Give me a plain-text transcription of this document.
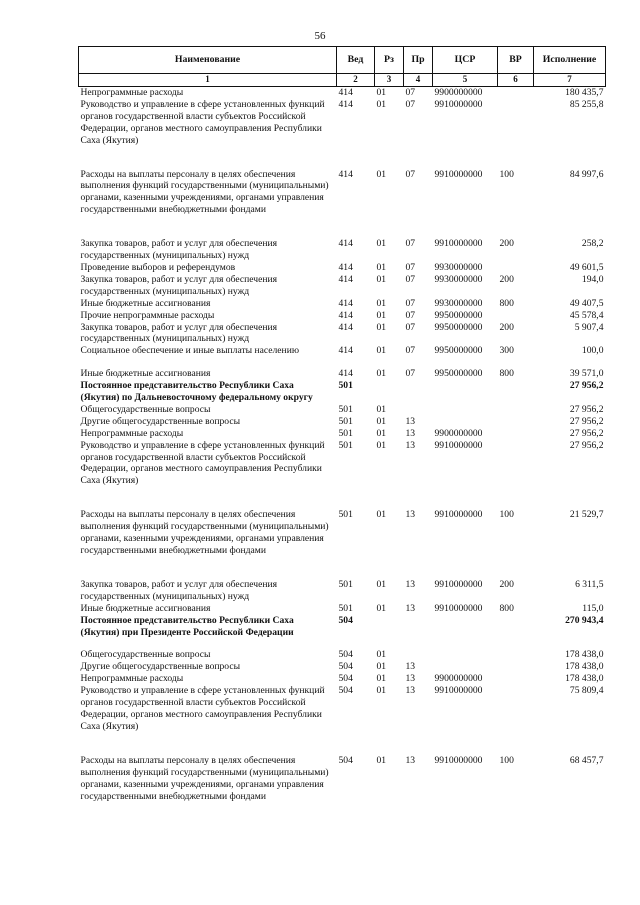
56
Наименование	Вед	Рз	Пр	ЦСР	ВР	Исполнение
1	2	3	4	5	6	7
Непрограммные расходы	414	01	07	9900000000		180 435,7
Руководство и управление в сфере установленных функций органов государственной власти субъектов Российской Федерации, органов местного самоуправления Республики Саха (Якутия)	414	01	07	9910000000		85 255,8

Расходы на выплаты персоналу в целях обеспечения выполнения функций государственными (муниципальными) органами, казенными учреждениями, органами управления государственными внебюджетными фондами	414	01	07	9910000000	100	84 997,6

Закупка товаров, работ и услуг для обеспечения государственных (муниципальных) нужд	414	01	07	9910000000	200	258,2
Проведение выборов и референдумов	414	01	07	9930000000		49 601,5
Закупка товаров, работ и услуг для обеспечения государственных (муниципальных) нужд	414	01	07	9930000000	200	194,0
Иные бюджетные ассигнования	414	01	07	9930000000	800	49 407,5
Прочие непрограммные расходы	414	01	07	9950000000		45 578,4
Закупка товаров, работ и услуг для обеспечения государственных (муниципальных) нужд	414	01	07	9950000000	200	5 907,4
Социальное обеспечение и иные выплаты населению	414	01	07	9950000000	300	100,0

Иные бюджетные ассигнования	414	01	07	9950000000	800	39 571,0
Постоянное представительство Республики Саха (Якутия) по Дальневосточному федеральному округу	501					27 956,2
Общегосударственные вопросы	501	01				27 956,2
Другие общегосударственные вопросы	501	01	13			27 956,2
Непрограммные расходы	501	01	13	9900000000		27 956,2
Руководство и управление в сфере установленных функций органов государственной власти субъектов Российской Федерации, органов местного самоуправления Республики Саха (Якутия)	501	01	13	9910000000		27 956,2

Расходы на выплаты персоналу в целях обеспечения выполнения функций государственными (муниципальными) органами, казенными учреждениями, органами управления государственными внебюджетными фондами	501	01	13	9910000000	100	21 529,7

Закупка товаров, работ и услуг для обеспечения государственных (муниципальных) нужд	501	01	13	9910000000	200	6 311,5
Иные бюджетные ассигнования	501	01	13	9910000000	800	115,0
Постоянное представительство Республики Саха (Якутия) при Президенте Российской Федерации	504					270 943,4

Общегосударственные вопросы	504	01				178 438,0
Другие общегосударственные вопросы	504	01	13			178 438,0
Непрограммные расходы	504	01	13	9900000000		178 438,0
Руководство и управление в сфере установленных функций органов государственной власти субъектов Российской Федерации, органов местного самоуправления Республики Саха (Якутия)	504	01	13	9910000000		75 809,4

Расходы на выплаты персоналу в целях обеспечения выполнения функций государственными (муниципальными) органами, казенными учреждениями, органами управления государственными внебюджетными фондами	504	01	13	9910000000	100	68 457,7
